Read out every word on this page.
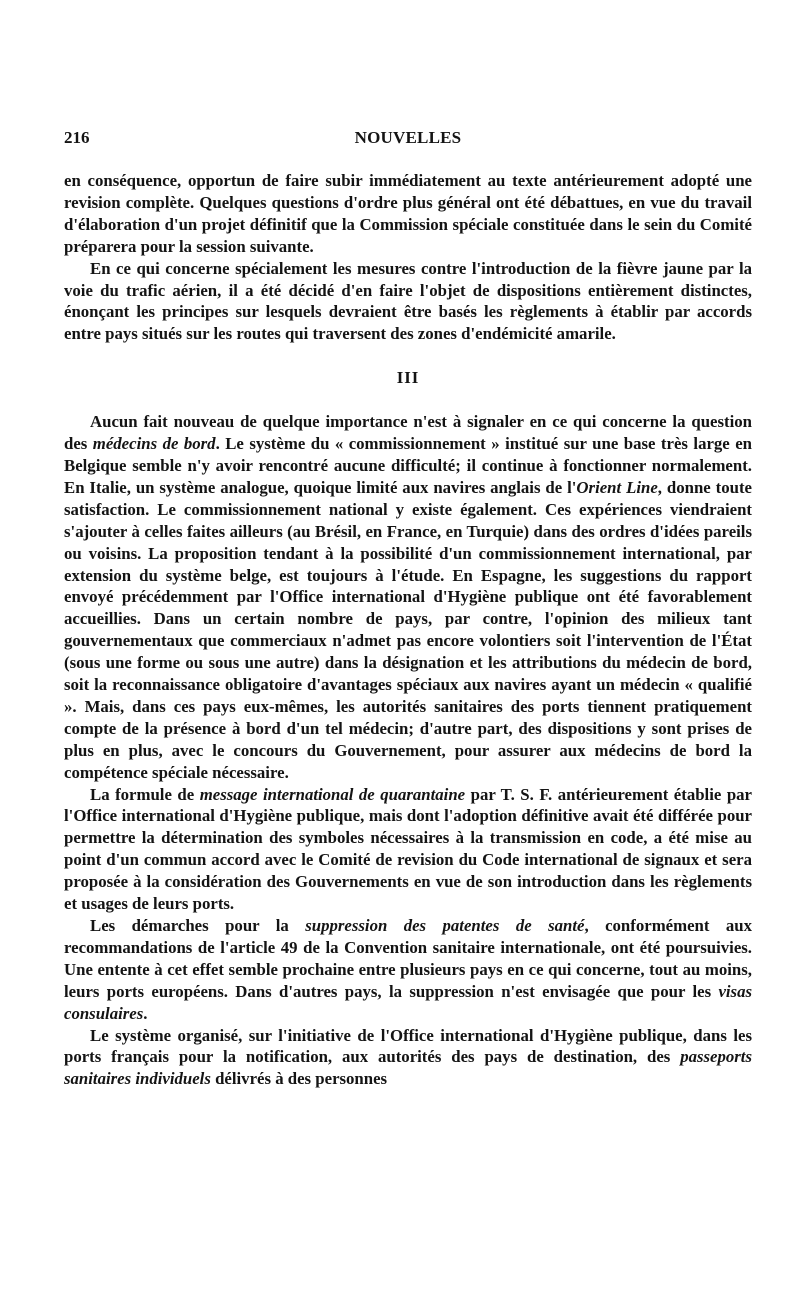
216	NOUVELLES

en conséquence, opportun de faire subir immédiatement au texte antérieurement adopté une revision complète. Quelques questions d'ordre plus général ont été débattues, en vue du travail d'élaboration d'un projet définitif que la Commission spéciale constituée dans le sein du Comité préparera pour la session suivante.

En ce qui concerne spécialement les mesures contre l'introduction de la fièvre jaune par la voie du trafic aérien, il a été décidé d'en faire l'objet de dispositions entièrement distinctes, énonçant les principes sur lesquels devraient être basés les règlements à établir par accords entre pays situés sur les routes qui traversent des zones d'endémicité amarile.

III

Aucun fait nouveau de quelque importance n'est à signaler en ce qui concerne la question des médecins de bord. Le système du « commissionnement » institué sur une base très large en Belgique semble n'y avoir rencontré aucune difficulté; il continue à fonctionner normalement. En Italie, un système analogue, quoique limité aux navires anglais de l'Orient Line, donne toute satisfaction. Le commissionnement national y existe également. Ces expériences viendraient s'ajouter à celles faites ailleurs (au Brésil, en France, en Turquie) dans des ordres d'idées pareils ou voisins. La proposition tendant à la possibilité d'un commissionnement international, par extension du système belge, est toujours à l'étude. En Espagne, les suggestions du rapport envoyé précédemment par l'Office international d'Hygiène publique ont été favorablement accueillies. Dans un certain nombre de pays, par contre, l'opinion des milieux tant gouvernementaux que commerciaux n'admet pas encore volontiers soit l'intervention de l'État (sous une forme ou sous une autre) dans la désignation et les attributions du médecin de bord, soit la reconnaissance obligatoire d'avantages spéciaux aux navires ayant un médecin « qualifié ». Mais, dans ces pays eux-mêmes, les autorités sanitaires des ports tiennent pratiquement compte de la présence à bord d'un tel médecin; d'autre part, des dispositions y sont prises de plus en plus, avec le concours du Gouvernement, pour assurer aux médecins de bord la compétence spéciale nécessaire.

La formule de message international de quarantaine par T. S. F. antérieurement établie par l'Office international d'Hygiène publique, mais dont l'adoption définitive avait été différée pour permettre la détermination des symboles nécessaires à la transmission en code, a été mise au point d'un commun accord avec le Comité de revision du Code international de signaux et sera proposée à la considération des Gouvernements en vue de son introduction dans les règlements et usages de leurs ports.

Les démarches pour la suppression des patentes de santé, conformément aux recommandations de l'article 49 de la Convention sanitaire internationale, ont été poursuivies. Une entente à cet effet semble prochaine entre plusieurs pays en ce qui concerne, tout au moins, leurs ports européens. Dans d'autres pays, la suppression n'est envisagée que pour les visas consulaires.

Le système organisé, sur l'initiative de l'Office international d'Hygiène publique, dans les ports français pour la notification, aux autorités des pays de destination, des passeports sanitaires individuels délivrés à des personnes
